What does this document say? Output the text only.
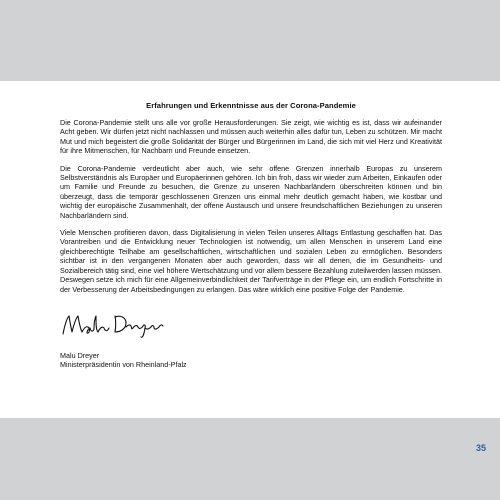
Erfahrungen und Erkenntnisse aus der Corona-Pandemie

Die Corona-Pandemie stellt uns alle vor große Herausforderungen. Sie zeigt, wie wichtig es ist, dass wir aufeinander Acht geben. Wir dürfen jetzt nicht nachlassen und müssen auch weiterhin alles dafür tun, Leben zu schützen. Mir macht Mut und mich begeistert die große Solidarität der Bürger und Bürgerinnen im Land, die sich mit viel Herz und Kreativität für ihre Mitmenschen, für Nachbarn und Freunde einsetzen.

Die Corona-Pandemie verdeutlicht aber auch, wie sehr offene Grenzen innerhalb Europas zu unserem Selbstverständnis als Europäer und Europäerinnen gehören. Ich bin froh, dass wir wieder zum Arbeiten, Einkaufen oder um Familie und Freunde zu besuchen, die Grenze zu unseren Nachbarländern überschreiten können und bin überzeugt, dass die temporär geschlossenen Grenzen uns einmal mehr deutlich gemacht haben, wie kostbar und wichtig der europäische Zusammenhalt, der offene Austausch und unsere freundschaftlichen Beziehungen zu unseren Nachbarländern sind.

Viele Menschen profitieren davon, dass Digitalisierung in vielen Teilen unseres Alltags Entlastung geschaffen hat. Das Vorantreiben und die Entwicklung neuer Technologien ist notwendig, um allen Menschen in unserem Land eine gleichberechtigte Teilhabe am gesellschaftlichen, wirtschaftlichen und sozialen Leben zu ermöglichen. Besonders sichtbar ist in den vergangenen Monaten aber auch geworden, dass wir all denen, die im Gesundheits- und Sozialbereich tätig sind, eine viel höhere Wertschätzung und vor allem bessere Bezahlung zuteilwerden lassen müssen. Deswegen setze ich mich für eine Allgemeinverbindlichkeit der Tarifverträge in der Pflege ein, um endlich Fortschritte in der Verbesserung der Arbeitsbedingungen zu erlangen. Das wäre wirklich eine positive Folge der Pandemie.

Malu Dreyer
Ministerpräsidentin von Rheinland-Pfalz
35
